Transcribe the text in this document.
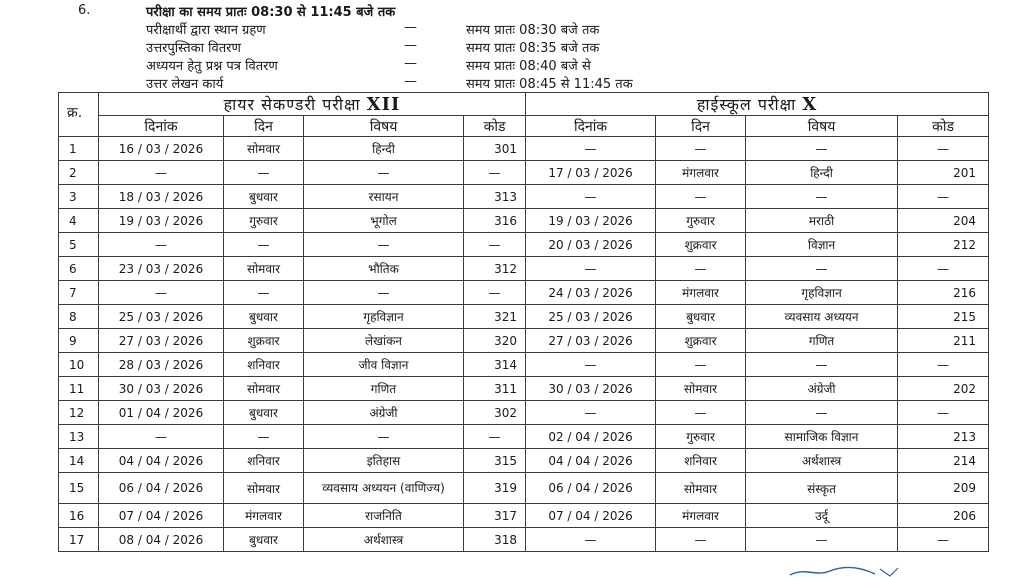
6.	परीक्षा का समय प्रातः 08:30 से 11:45 बजे तक
परीक्षार्थी द्वारा स्थान ग्रहण	—	समय प्रातः 08:30 बजे तक
उत्तरपुस्तिका वितरण	—	समय प्रातः 08:35 बजे तक
अध्ययन हेतु प्रश्न पत्र वितरण	—	समय प्रातः 08:40 बजे से
उत्तर लेखन कार्य	—	समय प्रातः 08:45 से 11:45 तक
क्र.	हायर सेकण्डरी परीक्षा XII				हाईस्कूल परीक्षा X			
	दिनांक	दिन	विषय	कोड	दिनांक	दिन	विषय	कोड
1	16 / 03 / 2026	सोमवार	हिन्दी	301	—	—	—	—
2	—	—	—	—	17 / 03 / 2026	मंगलवार	हिन्दी	201
3	18 / 03 / 2026	बुधवार	रसायन	313	—	—	—	—
4	19 / 03 / 2026	गुरुवार	भूगोल	316	19 / 03 / 2026	गुरुवार	मराठी	204
5	—	—	—	—	20 / 03 / 2026	शुक्रवार	विज्ञान	212
6	23 / 03 / 2026	सोमवार	भौतिक	312	—	—	—	—
7	—	—	—	—	24 / 03 / 2026	मंगलवार	गृहविज्ञान	216
8	25 / 03 / 2026	बुधवार	गृहविज्ञान	321	25 / 03 / 2026	बुधवार	व्यवसाय अध्ययन	215
9	27 / 03 / 2026	शुक्रवार	लेखांकन	320	27 / 03 / 2026	शुक्रवार	गणित	211
10	28 / 03 / 2026	शनिवार	जीव विज्ञान	314	—	—	—	—
11	30 / 03 / 2026	सोमवार	गणित	311	30 / 03 / 2026	सोमवार	अंग्रेजी	202
12	01 / 04 / 2026	बुधवार	अंग्रेजी	302	—	—	—	—
13	—	—	—	—	02 / 04 / 2026	गुरुवार	सामाजिक विज्ञान	213
14	04 / 04 / 2026	शनिवार	इतिहास	315	04 / 04 / 2026	शनिवार	अर्थशास्त्र	214
15	06 / 04 / 2026	सोमवार	व्यवसाय अध्ययन (वाणिज्य)	319	06 / 04 / 2026	सोमवार	संस्कृत	209
16	07 / 04 / 2026	मंगलवार	राजनिति	317	07 / 04 / 2026	मंगलवार	उर्दू	206
17	08 / 04 / 2026	बुधवार	अर्थशास्त्र	318	—	—	—	—
